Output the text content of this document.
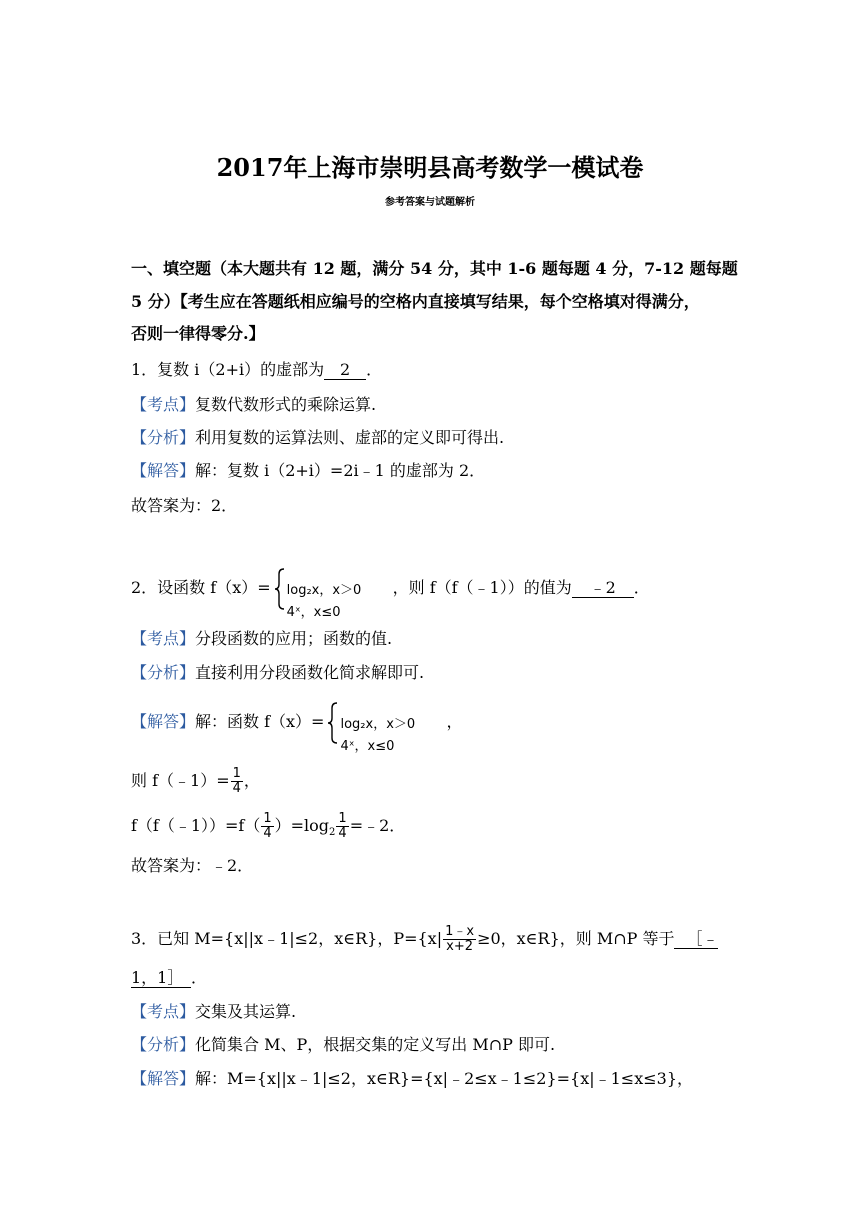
2017年上海市崇明县高考数学一模试卷
参考答案与试题解析
一、填空题（本大题共有 12 题，满分 54 分，其中 1-6 题每题 4 分，7-12 题每题
5 分）【考生应在答题纸相应编号的空格内直接填写结果，每个空格填对得满分，
否则一律得零分.】
1．复数 i（2+i）的虚部为 2 ．
【考点】复数代数形式的乘除运算.
【分析】利用复数的运算法则、虚部的定义即可得出.
【解答】解：复数 i（2+i）=2i﹣1 的虚部为 2．
故答案为：2．
2．设函数 f（x）= log₂x，x＞0
4ˣ，x≤0
，则 f（f（﹣1））的值为 ﹣2 ．
【考点】分段函数的应用；函数的值.
【分析】直接利用分段函数化简求解即可.
【解答】解：函数 f（x）= log₂x，x＞0
4ˣ，x≤0
，
则 f（﹣1）= $\frac{1}{4}$ ，
f（f（﹣1））=f（ $\frac{1}{4} )=\log_2 \frac{1}{4}$ =﹣2．
故答案为：﹣2．
3．已知 M={x||x﹣1|≤2，x∈R}，$P=\{x| \frac{1﹣x}{x+2} \ge 0$，x∈R}，则 M∩P 等于 ［﹣
1，1］ ．
【考点】交集及其运算.
【分析】化简集合 M、P，根据交集的定义写出 M∩P 即可.
【解答】解：M={x||x﹣1|≤2，x∈R}={x|﹣2≤x﹣1≤2}={x|﹣1≤x≤3}，
